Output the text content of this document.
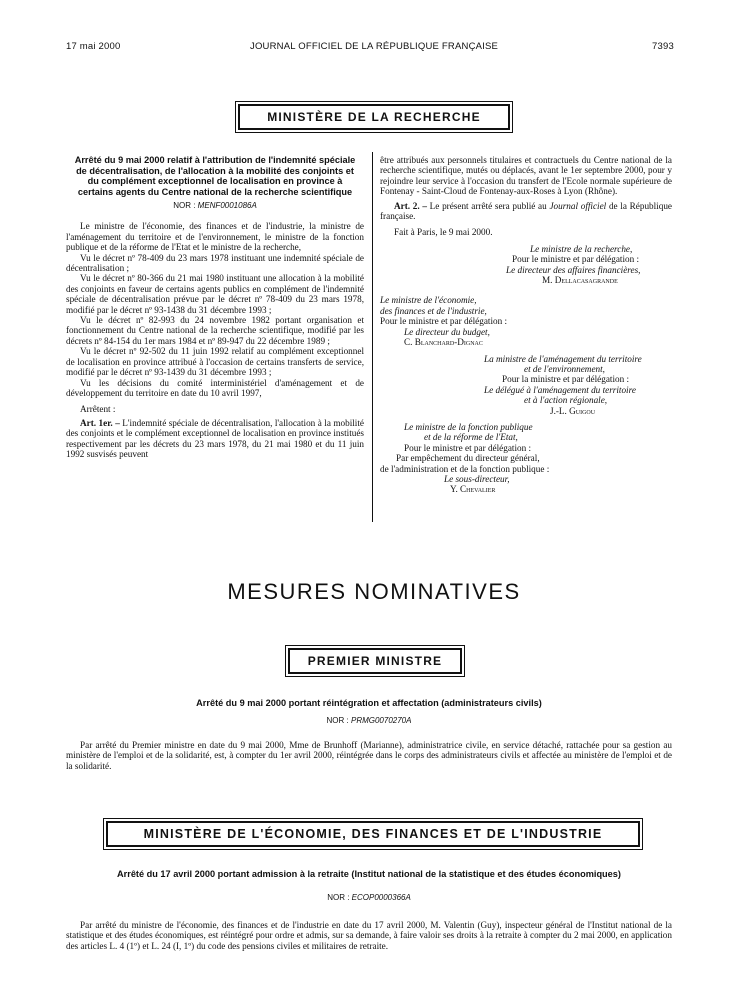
17 mai 2000	JOURNAL OFFICIEL DE LA RÉPUBLIQUE FRANÇAISE	7393
MINISTÈRE DE LA RECHERCHE
Arrêté du 9 mai 2000 relatif à l'attribution de l'indemnité spéciale de décentralisation, de l'allocation à la mobilité des conjoints et du complément exceptionnel de localisation en province à certains agents du Centre national de la recherche scientifique
NOR : MENF0001086A

Le ministre de l'économie, des finances et de l'industrie, la ministre de l'aménagement du territoire et de l'environnement, le ministre de la fonction publique et de la réforme de l'Etat et le ministre de la recherche,

Vu le décret nº 78-409 du 23 mars 1978 instituant une indemnité spéciale de décentralisation ;

Vu le décret nº 80-366 du 21 mai 1980 instituant une allocation à la mobilité des conjoints en faveur de certains agents publics en complément de l'indemnité spéciale de décentralisation prévue par le décret nº 78-409 du 23 mars 1978, modifié par le décret nº 93-1438 du 31 décembre 1993 ;

Vu le décret nº 82-993 du 24 novembre 1982 portant organisation et fonctionnement du Centre national de la recherche scientifique, modifié par les décrets nº 84-154 du 1er mars 1984 et nº 89-947 du 22 décembre 1989 ;

Vu le décret nº 92-502 du 11 juin 1992 relatif au complément exceptionnel de localisation en province attribué à l'occasion de certains transferts de service, modifié par le décret nº 93-1439 du 31 décembre 1993 ;

Vu les décisions du comité interministériel d'aménagement et de développement du territoire en date du 10 avril 1997,

Arrêtent :

Art. 1er. – L'indemnité spéciale de décentralisation, l'allocation à la mobilité des conjoints et le complément exceptionnel de localisation en province institués respectivement par les décrets du 23 mars 1978, du 21 mai 1980 et du 11 juin 1992 susvisés peuvent

être attribués aux personnels titulaires et contractuels du Centre national de la recherche scientifique, mutés ou déplacés, avant le 1er septembre 2000, pour y rejoindre leur service à l'occasion du transfert de l'Ecole normale supérieure de Fontenay - Saint-Cloud de Fontenay-aux-Roses à Lyon (Rhône).

Art. 2. – Le présent arrêté sera publié au Journal officiel de la République française.

Fait à Paris, le 9 mai 2000.

Le ministre de la recherche,
Pour le ministre et par délégation :
Le directeur des affaires financières,
M. Dellacasagrande
Le ministre de l'économie,
des finances et de l'industrie,
Pour le ministre et par délégation :
Le directeur du budget,
C. Blanchard-Dignac
La ministre de l'aménagement du territoire
et de l'environnement,
Pour la ministre et par délégation :
Le délégué à l'aménagement du territoire
et à l'action régionale,
J.-L. Guigou
Le ministre de la fonction publique
et de la réforme de l'Etat,
Pour le ministre et par délégation :
Par empêchement du directeur général,
de l'administration et de la fonction publique :
Le sous-directeur,
Y. Chevalier
MESURES NOMINATIVES
PREMIER MINISTRE
Arrêté du 9 mai 2000 portant réintégration et affectation (administrateurs civils)
NOR : PRMG0070270A

Par arrêté du Premier ministre en date du 9 mai 2000, Mme de Brunhoff (Marianne), administratrice civile, en service détaché, rattachée pour sa gestion au ministère de l'emploi et de la solidarité, est, à compter du 1er avril 2000, réintégrée dans le corps des administrateurs civils et affectée au ministère de l'emploi et de la solidarité.

MINISTÈRE DE L'ÉCONOMIE, DES FINANCES ET DE L'INDUSTRIE
Arrêté du 17 avril 2000 portant admission à la retraite (Institut national de la statistique et des études économiques)
NOR : ECOP0000366A

Par arrêté du ministre de l'économie, des finances et de l'industrie en date du 17 avril 2000, M. Valentin (Guy), inspecteur général de l'Institut national de la statistique et des études économiques, est réintégré pour ordre et admis, sur sa demande, à faire valoir ses droits à la retraite à compter du 2 mai 2000, en application des articles L. 4 (1º) et L. 24 (I, 1º) du code des pensions civiles et militaires de retraite.
